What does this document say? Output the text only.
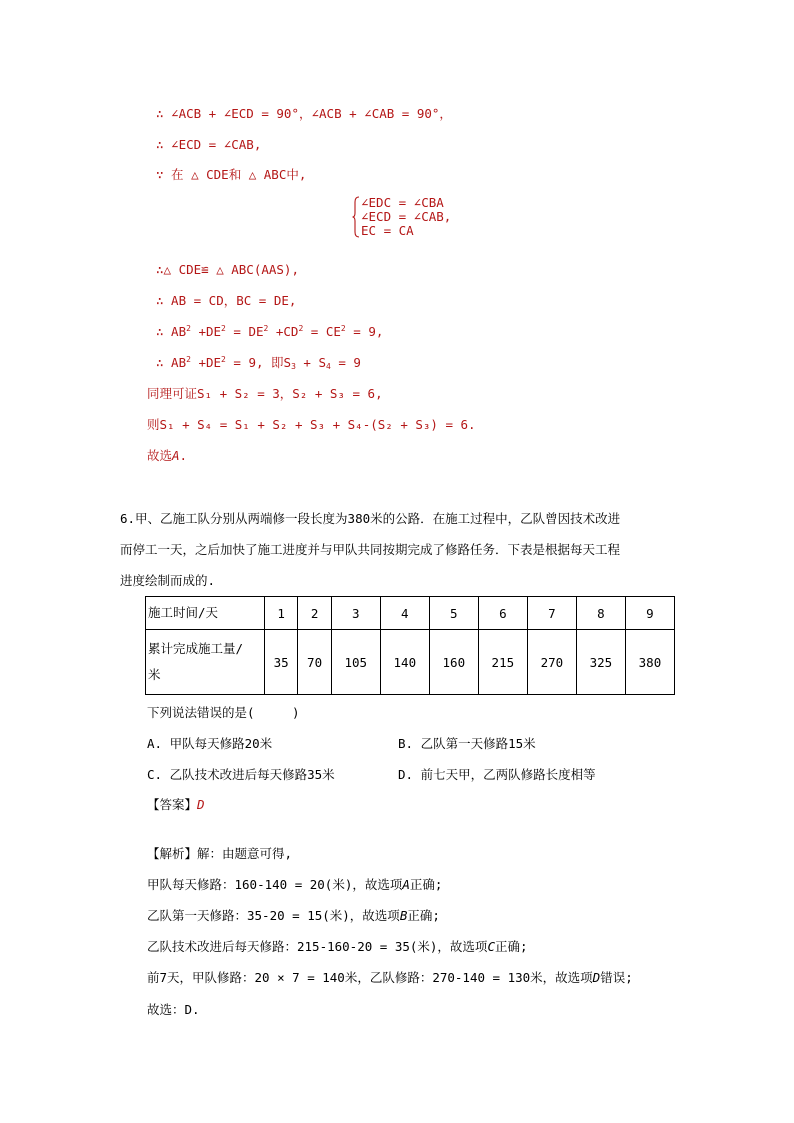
∴ ∠ACB + ∠ECD = 90°，∠ACB + ∠CAB = 90°，
∴ ∠ECD = ∠CAB,
∵ 在 △ CDE和 △ ABC中,
∠EDC = ∠CBA
∠ECD = ∠CAB,
EC = CA
∴△ CDE≌ △ ABC(AAS),
∴ AB = CD，BC = DE,
∴ $AB^2 +DE^2 = DE^2 +CD^2 = CE^2 = 9$,
∴ $AB^2 +DE^2 = 9$, 即$S_3 + S_4 = 9$
同理可证S₁ + S₂ = 3，S₂ + S₃ = 6,
则S₁ + S₄ = S₁ + S₂ + S₃ + S₄-(S₂ + S₃) = 6.
故选A.
6.甲、乙施工队分别从两端修一段长度为380米的公路．在施工过程中，乙队曾因技术改进
而停工一天，之后加快了施工进度并与甲队共同按期完成了修路任务．下表是根据每天工程
进度绘制而成的.
施工时间/天	1	2	3	4	5	6	7	8	9

累计完成施工量/
米	35	70	105	140	160	215	270	325	380
下列说法错误的是(　　　)
A. 甲队每天修路20米	B. 乙队第一天修路15米
C. 乙队技术改进后每天修路35米	D. 前七天甲，乙两队修路长度相等
【答案】D
【解析】解：由题意可得,
甲队每天修路：160-140 = 20(米)，故选项A正确;
乙队第一天修路：35-20 = 15(米)，故选项B正确;
乙队技术改进后每天修路：215-160-20 = 35(米)，故选项C正确;
前7天，甲队修路：20 × 7 = 140米，乙队修路：270-140 = 130米，故选项D错误;
故选：D.
